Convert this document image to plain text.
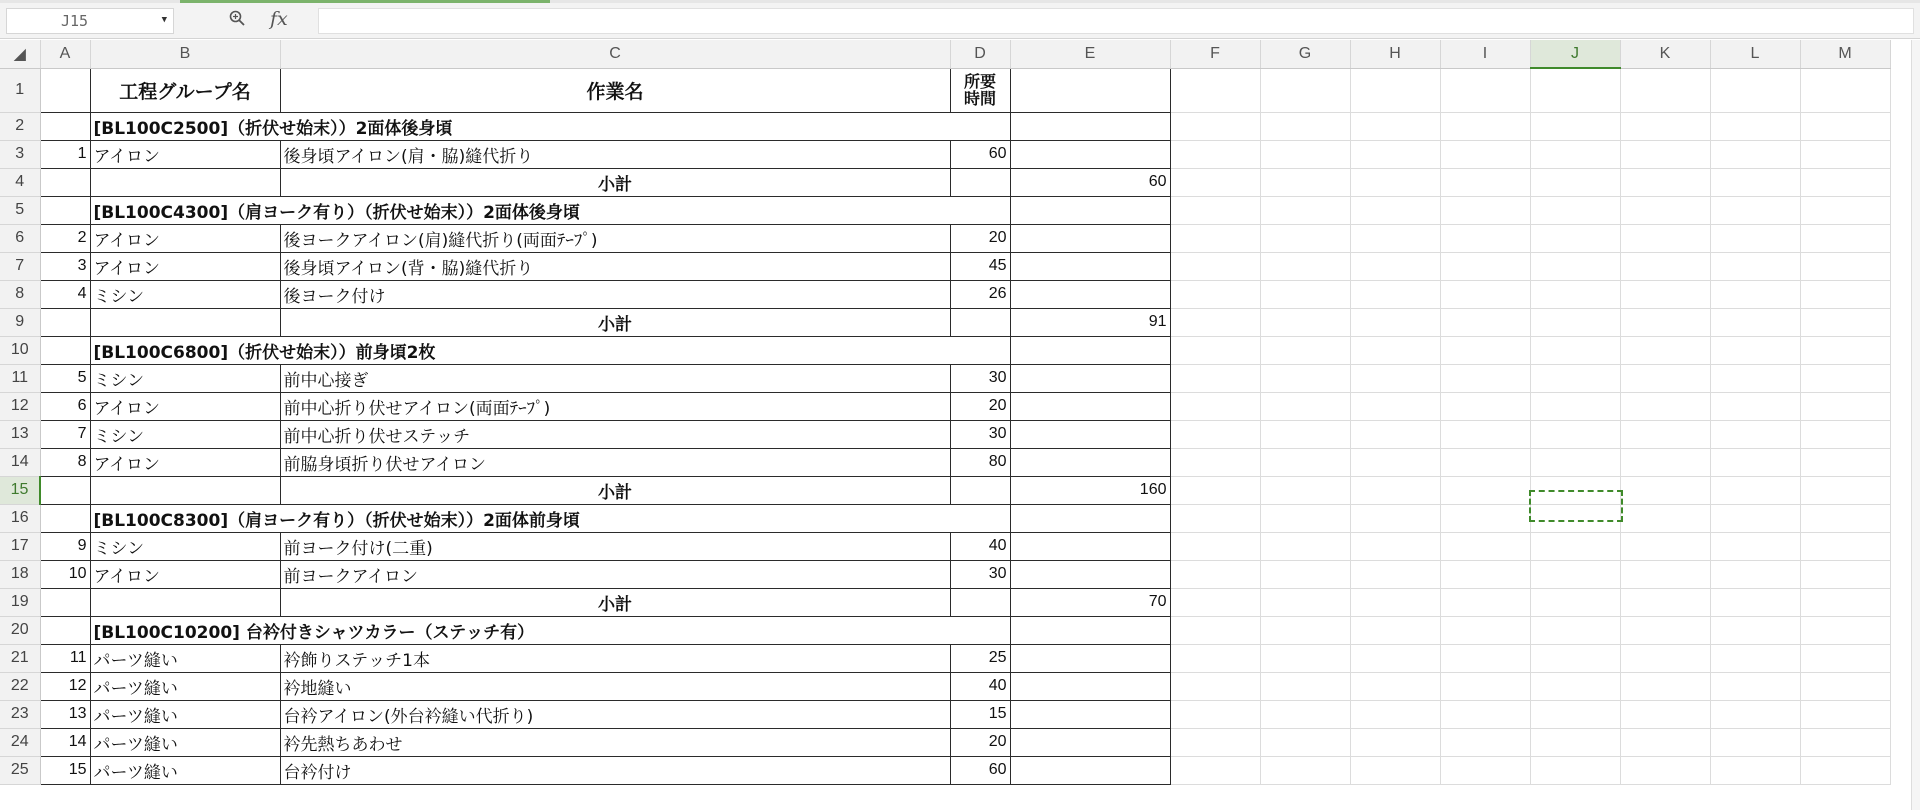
J15	▼	fx
◢	A	B	C	D	E	F	G	H	I	J	K	L	M
1		工程グループ名	作業名	所要
時間									
2		[BL100C2500]（折伏せ始末））2面体後身頃											
3	1	アイロン	後身頃アイロン(肩・脇)縫代折り	60									
4			小計		60								
5		[BL100C4300]（肩ヨーク有り）（折伏せ始末））2面体後身頃											
6	2	アイロン	後ヨークアイロン(肩)縫代折り(両面ﾃｰﾌﾟ)	20									
7	3	アイロン	後身頃アイロン(背・脇)縫代折り	45									
8	4	ミシン	後ヨーク付け	26									
9			小計		91								
10		[BL100C6800]（折伏せ始末））前身頃2枚											
11	5	ミシン	前中心接ぎ	30									
12	6	アイロン	前中心折り伏せアイロン(両面ﾃｰﾌﾟ)	20									
13	7	ミシン	前中心折り伏せステッチ	30									
14	8	アイロン	前脇身頃折り伏せアイロン	80									
15			小計		160								
16		[BL100C8300]（肩ヨーク有り）（折伏せ始末））2面体前身頃											
17	9	ミシン	前ヨーク付け(二重)	40									
18	10	アイロン	前ヨークアイロン	30									
19			小計		70								
20		[BL100C10200] 台衿付きシャツカラー（ステッチ有）											
21	11	パーツ縫い	衿飾りステッチ1本	25									
22	12	パーツ縫い	衿地縫い	40									
23	13	パーツ縫い	台衿アイロン(外台衿縫い代折り)	15									
24	14	パーツ縫い	衿先熱ちあわせ	20									
25	15	パーツ縫い	台衿付け	60									
